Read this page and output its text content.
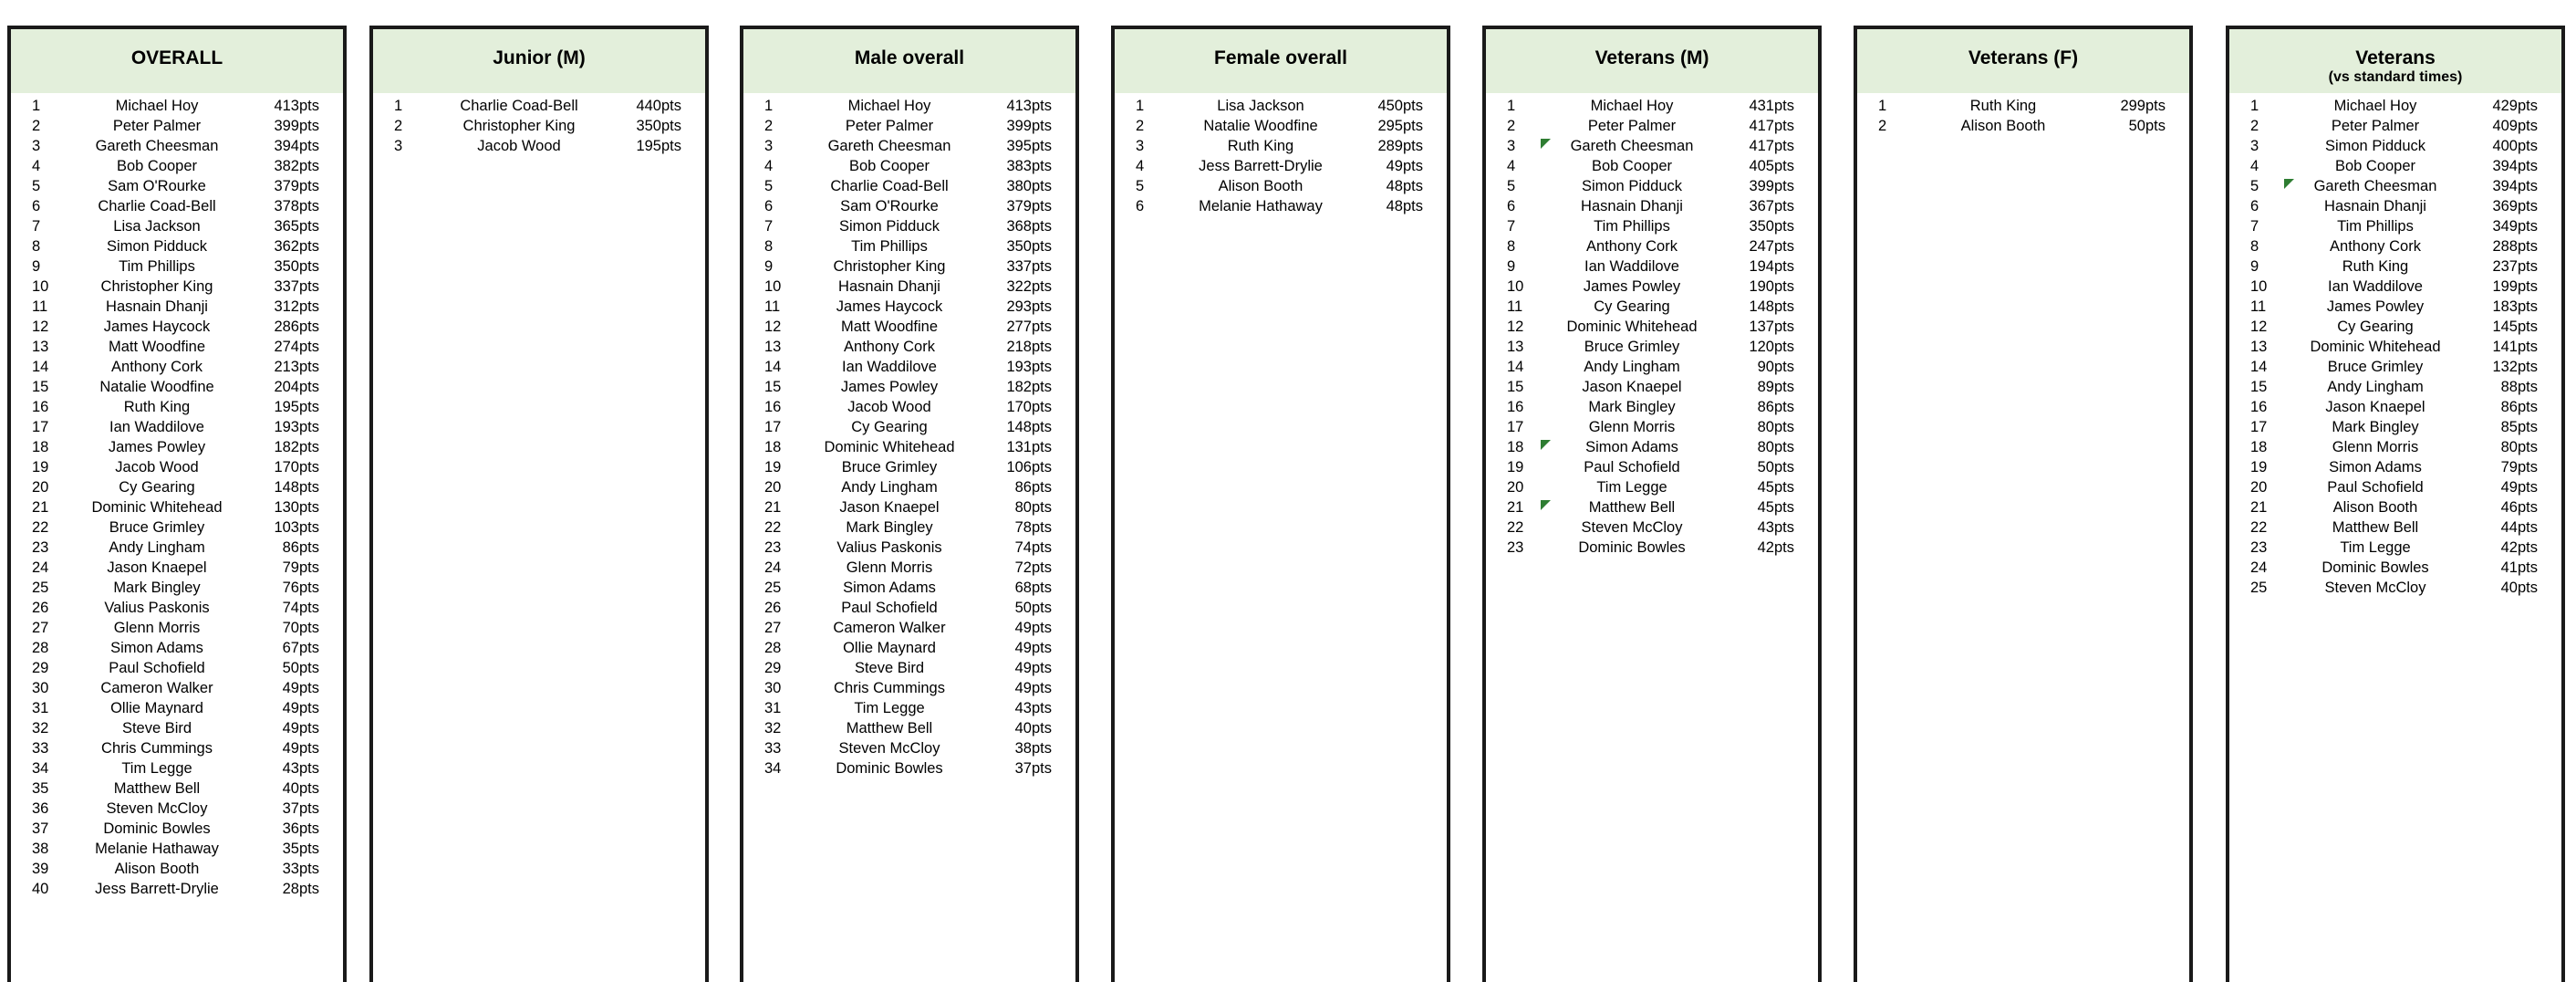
OVERALL
1	Michael Hoy	413pts
2	Peter Palmer	399pts
3	Gareth Cheesman	394pts
4	Bob Cooper	382pts
5	Sam O'Rourke	379pts
6	Charlie Coad-Bell	378pts
7	Lisa Jackson	365pts
8	Simon Pidduck	362pts
9	Tim Phillips	350pts
10	Christopher King	337pts
11	Hasnain Dhanji	312pts
12	James Haycock	286pts
13	Matt Woodfine	274pts
14	Anthony Cork	213pts
15	Natalie Woodfine	204pts
16	Ruth King	195pts
17	Ian Waddilove	193pts
18	James Powley	182pts
19	Jacob Wood	170pts
20	Cy Gearing	148pts
21	Dominic Whitehead	130pts
22	Bruce Grimley	103pts
23	Andy Lingham	86pts
24	Jason Knaepel	79pts
25	Mark Bingley	76pts
26	Valius Paskonis	74pts
27	Glenn Morris	70pts
28	Simon Adams	67pts
29	Paul Schofield	50pts
30	Cameron Walker	49pts
31	Ollie Maynard	49pts
32	Steve Bird	49pts
33	Chris Cummings	49pts
34	Tim Legge	43pts
35	Matthew Bell	40pts
36	Steven McCloy	37pts
37	Dominic Bowles	36pts
38	Melanie Hathaway	35pts
39	Alison Booth	33pts
40	Jess Barrett-Drylie	28pts
Junior (M)
1	Charlie Coad-Bell	440pts
2	Christopher King	350pts
3	Jacob Wood	195pts
Male overall
1	Michael Hoy	413pts
2	Peter Palmer	399pts
3	Gareth Cheesman	395pts
4	Bob Cooper	383pts
5	Charlie Coad-Bell	380pts
6	Sam O'Rourke	379pts
7	Simon Pidduck	368pts
8	Tim Phillips	350pts
9	Christopher King	337pts
10	Hasnain Dhanji	322pts
11	James Haycock	293pts
12	Matt Woodfine	277pts
13	Anthony Cork	218pts
14	Ian Waddilove	193pts
15	James Powley	182pts
16	Jacob Wood	170pts
17	Cy Gearing	148pts
18	Dominic Whitehead	131pts
19	Bruce Grimley	106pts
20	Andy Lingham	86pts
21	Jason Knaepel	80pts
22	Mark Bingley	78pts
23	Valius Paskonis	74pts
24	Glenn Morris	72pts
25	Simon Adams	68pts
26	Paul Schofield	50pts
27	Cameron Walker	49pts
28	Ollie Maynard	49pts
29	Steve Bird	49pts
30	Chris Cummings	49pts
31	Tim Legge	43pts
32	Matthew Bell	40pts
33	Steven McCloy	38pts
34	Dominic Bowles	37pts
Female overall
1	Lisa Jackson	450pts
2	Natalie Woodfine	295pts
3	Ruth King	289pts
4	Jess Barrett-Drylie	49pts
5	Alison Booth	48pts
6	Melanie Hathaway	48pts
Veterans (M)
1	Michael Hoy	431pts
2	Peter Palmer	417pts
3	Gareth Cheesman	417pts
4	Bob Cooper	405pts
5	Simon Pidduck	399pts
6	Hasnain Dhanji	367pts
7	Tim Phillips	350pts
8	Anthony Cork	247pts
9	Ian Waddilove	194pts
10	James Powley	190pts
11	Cy Gearing	148pts
12	Dominic Whitehead	137pts
13	Bruce Grimley	120pts
14	Andy Lingham	90pts
15	Jason Knaepel	89pts
16	Mark Bingley	86pts
17	Glenn Morris	80pts
18	Simon Adams	80pts
19	Paul Schofield	50pts
20	Tim Legge	45pts
21	Matthew Bell	45pts
22	Steven McCloy	43pts
23	Dominic Bowles	42pts
Veterans (F)
1	Ruth King	299pts
2	Alison Booth	50pts
Veterans
(vs standard times)
1	Michael Hoy	429pts
2	Peter Palmer	409pts
3	Simon Pidduck	400pts
4	Bob Cooper	394pts
5	Gareth Cheesman	394pts
6	Hasnain Dhanji	369pts
7	Tim Phillips	349pts
8	Anthony Cork	288pts
9	Ruth King	237pts
10	Ian Waddilove	199pts
11	James Powley	183pts
12	Cy Gearing	145pts
13	Dominic Whitehead	141pts
14	Bruce Grimley	132pts
15	Andy Lingham	88pts
16	Jason Knaepel	86pts
17	Mark Bingley	85pts
18	Glenn Morris	80pts
19	Simon Adams	79pts
20	Paul Schofield	49pts
21	Alison Booth	46pts
22	Matthew Bell	44pts
23	Tim Legge	42pts
24	Dominic Bowles	41pts
25	Steven McCloy	40pts
